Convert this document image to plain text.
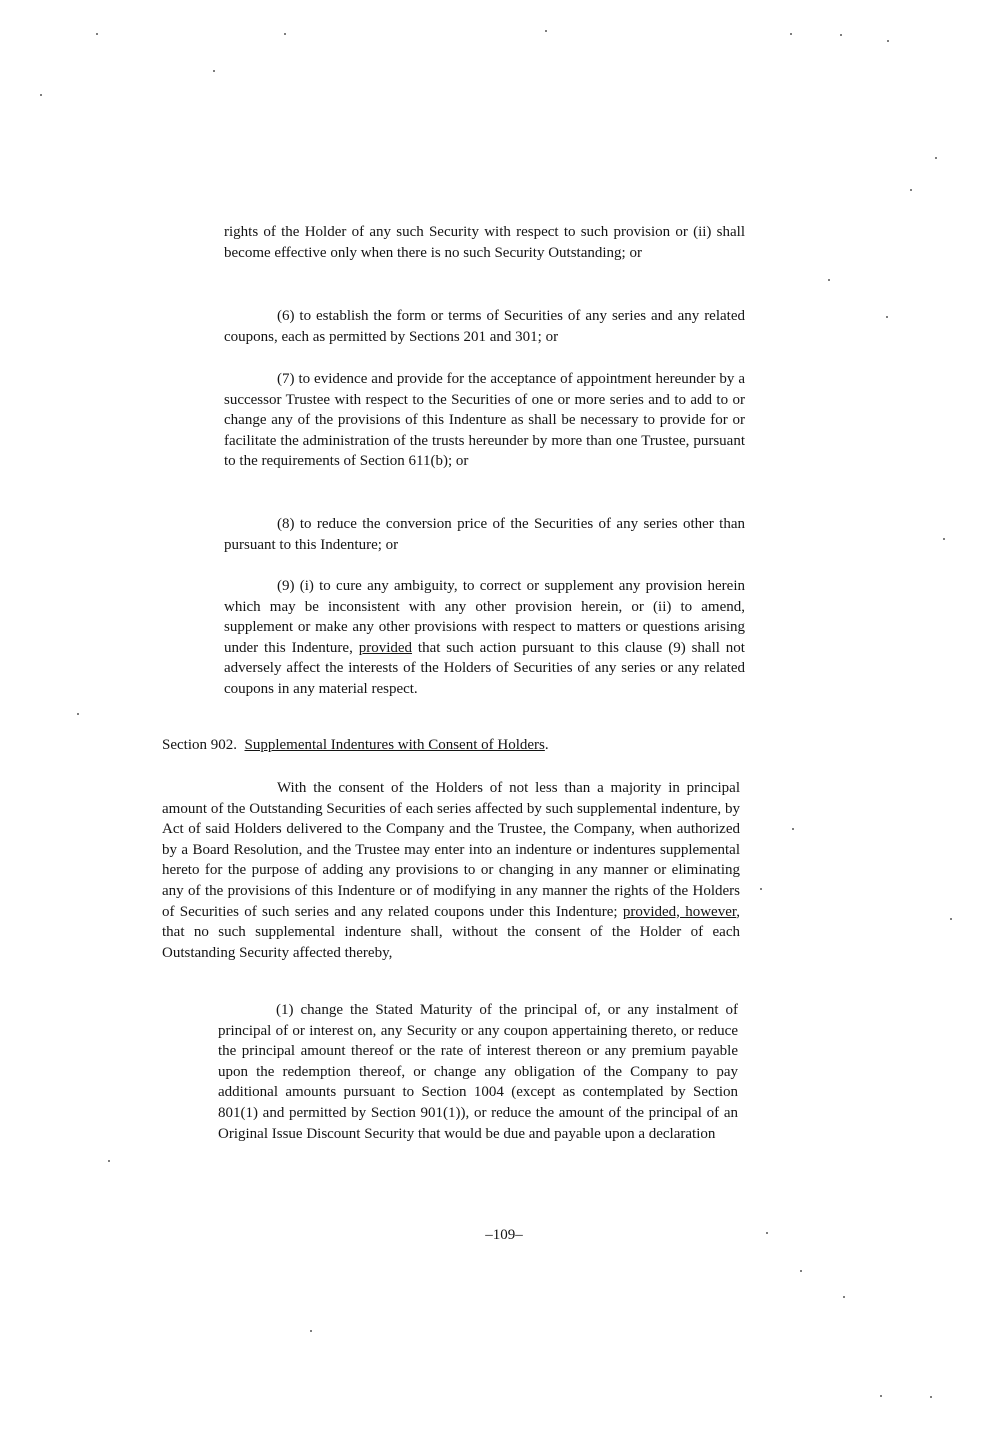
rights of the Holder of any such Security with respect to such provision or (ii) shall become effective only when there is no such Security Outstanding; or

(6) to establish the form or terms of Securities of any series and any related coupons, each as permitted by Sections 201 and 301; or

(7) to evidence and provide for the acceptance of appointment hereunder by a successor Trustee with respect to the Securities of one or more series and to add to or change any of the provisions of this Indenture as shall be necessary to provide for or facilitate the administration of the trusts hereunder by more than one Trustee, pursuant to the requirements of Section 611(b); or

(8) to reduce the conversion price of the Securities of any series other than pursuant to this Indenture; or

(9) (i) to cure any ambiguity, to correct or supplement any provision herein which may be inconsistent with any other provision herein, or (ii) to amend, supplement or make any other provisions with respect to matters or questions arising under this Indenture, provided that such action pursuant to this clause (9) shall not adversely affect the interests of the Holders of Securities of any series or any related coupons in any material respect.

Section 902. Supplemental Indentures with Consent of Holders.

With the consent of the Holders of not less than a majority in principal amount of the Outstanding Securities of each series affected by such supplemental indenture, by Act of said Holders delivered to the Company and the Trustee, the Company, when authorized by a Board Resolution, and the Trustee may enter into an indenture or indentures supplemental hereto for the purpose of adding any provisions to or changing in any manner or eliminating any of the provisions of this Indenture or of modifying in any manner the rights of the Holders of Securities of such series and any related coupons under this Indenture; provided, however, that no such supplemental indenture shall, without the consent of the Holder of each Outstanding Security affected thereby,

(1) change the Stated Maturity of the principal of, or any instalment of principal of or interest on, any Security or any coupon appertaining thereto, or reduce the principal amount thereof or the rate of interest thereon or any premium payable upon the redemption thereof, or change any obligation of the Company to pay additional amounts pursuant to Section 1004 (except as contemplated by Section 801(1) and permitted by Section 901(1)), or reduce the amount of the principal of an Original Issue Discount Security that would be due and payable upon a declaration

–109–
